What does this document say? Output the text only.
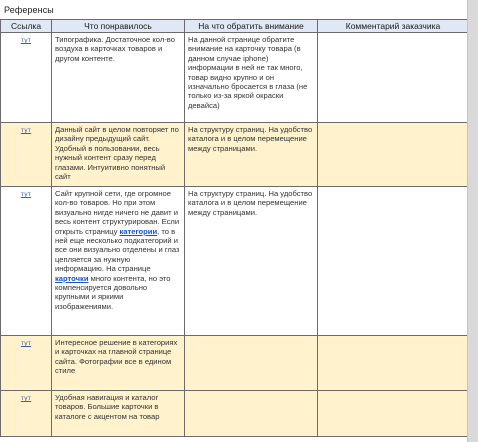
Референсы
Ссылка	Что понравилось	На что обратить внимание	Комментарий заказчика
тут	Типографика. Достаточное кол-во воздуха в карточках товаров и другом контенте.	На данной странице обратите внимание на карточку товара (в данном случае iphone) информации в ней не так много, товар видно крупно и он изначально бросается в глаза (не только из-за яркой окраски девайса)	
тут	Данный сайт в целом повторяет по дизайну предыдущий сайт. Удобный в пользовании, весь нужный контент сразу перед глазами. Интуитивно понятный сайт	На структуру страниц. На удобство каталога и в целом перемещение между страницами.	
тут	Сайт крупной сети, где огромное кол-во товаров. Но при этом визуально нигде ничего не давит и весь контент структурирован. Если открыть страницу категории, то в ней еще несколько подкатегорий и все они визуально отделены и глаз цепляется за нужную информацию. На странице карточки много контента, но это компенсируется довольно крупными и яркими изображениями.	На структуру страниц. На удобство каталога и в целом перемещение между страницами.	
тут	Интересное решение в категориях и карточках на главной странице сайта. Фотографии все в едином стиле		
тут	Удобная навигация и каталог товаров. Большие карточки в каталоге с акцентом на товар		
